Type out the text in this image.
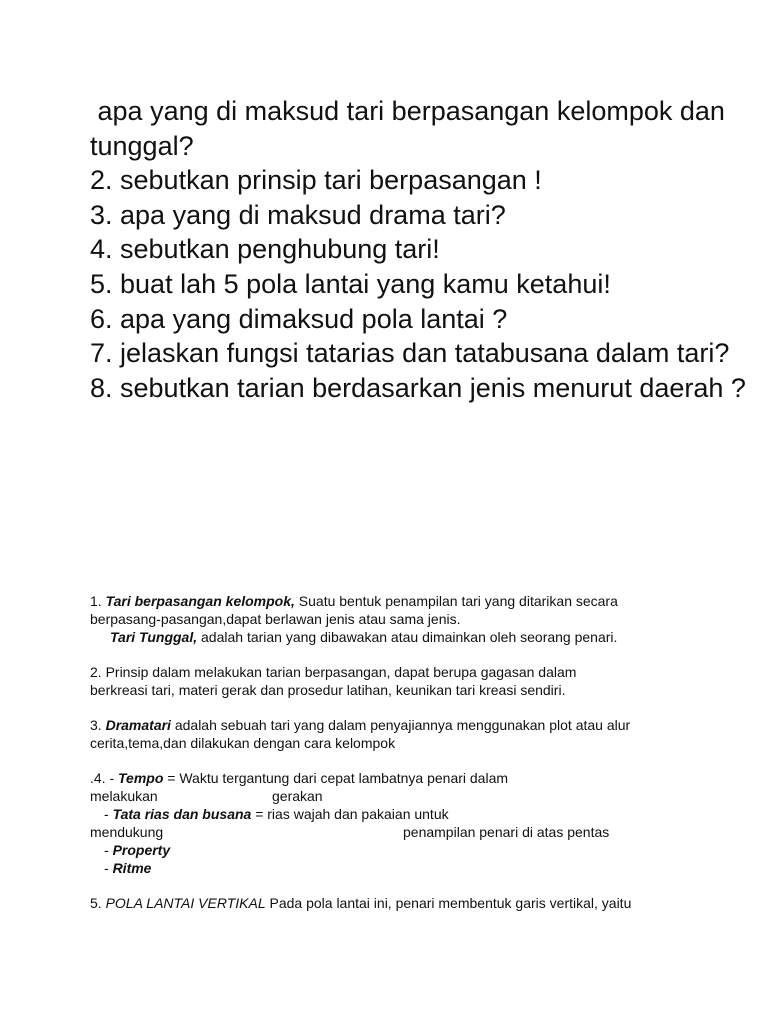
apa yang di maksud tari berpasangan kelompok dan tunggal?
2. sebutkan prinsip tari berpasangan !
3. apa yang di maksud drama tari?
4. sebutkan penghubung tari!
5. buat lah 5 pola lantai yang kamu ketahui!
6. apa yang dimaksud pola lantai ?
7. jelaskan fungsi tatarias dan tatabusana dalam tari?
8. sebutkan tarian berdasarkan jenis menurut daerah ?

1. Tari berpasangan kelompok, Suatu bentuk penampilan tari yang ditarikan secara

berpasang-pasangan,dapat berlawan jenis atau sama jenis.

Tari Tunggal, adalah tarian yang dibawakan atau dimainkan oleh seorang penari.

2. Prinsip dalam melakukan tarian berpasangan, dapat berupa gagasan dalam

berkreasi tari, materi gerak dan prosedur latihan, keunikan tari kreasi sendiri.

3. Dramatari adalah sebuah tari yang dalam penyajiannya menggunakan plot atau alur

cerita,tema,dan dilakukan dengan cara kelompok

.4. - Tempo = Waktu tergantung dari cepat lambatnya penari dalam

melakukan	gerakan

- Tata rias dan busana = rias wajah dan pakaian untuk

mendukung	penampilan penari di atas pentas

- Property

- Ritme

5. POLA LANTAI VERTIKAL Pada pola lantai ini, penari membentuk garis vertikal, yaitu
